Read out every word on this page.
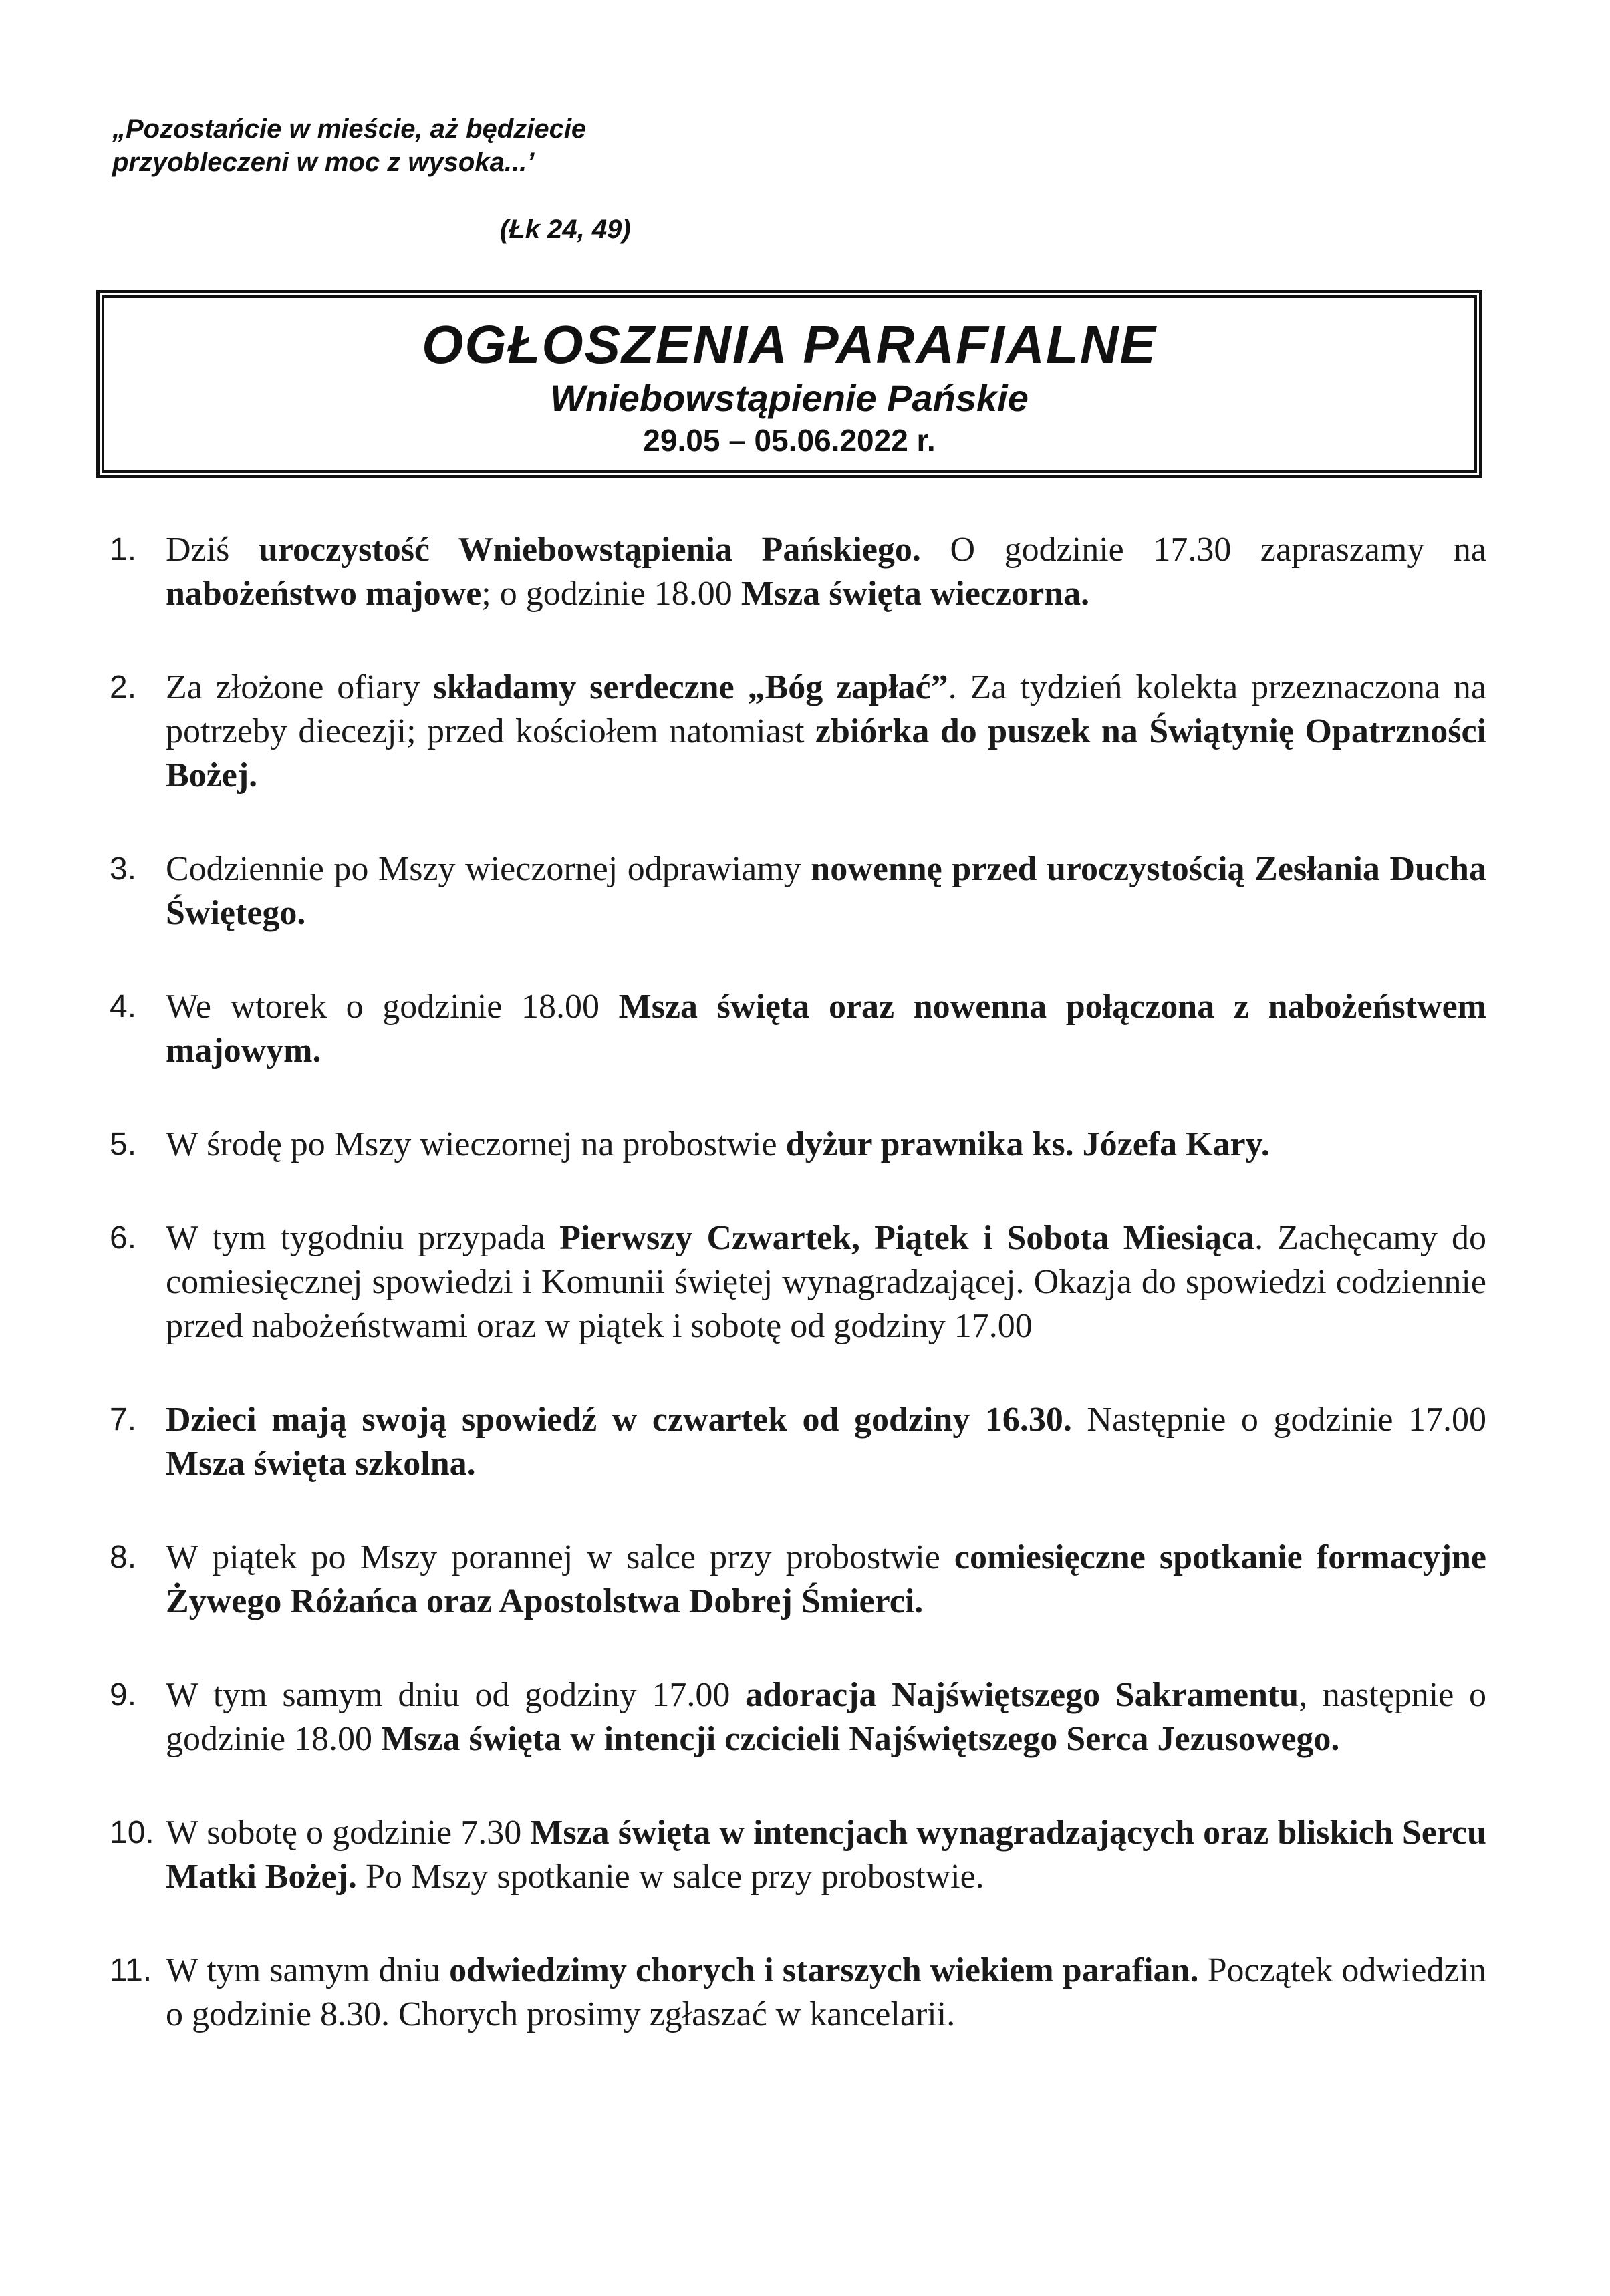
„Pozostańcie w mieście, aż będziecie
przyobleczeni w moc z wysoka...’
(Łk 24, 49)
OGŁOSZENIA PARAFIALNE
Wniebowstąpienie Pańskie
29.05 – 05.06.2022 r.
1. Dziś uroczystość Wniebowstąpienia Pańskiego. O godzinie 17.30 zapraszamy na nabożeństwo majowe; o godzinie 18.00 Msza święta wieczorna.
2. Za złożone ofiary składamy serdeczne „Bóg zapłać”. Za tydzień kolekta przeznaczona na potrzeby diecezji; przed kościołem natomiast zbiórka do puszek na Świątynię Opatrzności Bożej.
3. Codziennie po Mszy wieczornej odprawiamy nowennę przed uroczystością Zesłania Ducha Świętego.
4. We wtorek o godzinie 18.00 Msza święta oraz nowenna połączona z nabożeństwem majowym.
5. W środę po Mszy wieczornej na probostwie dyżur prawnika ks. Józefa Kary.
6. W tym tygodniu przypada Pierwszy Czwartek, Piątek i Sobota Miesiąca. Zachęcamy do comiesięcznej spowiedzi i Komunii świętej wynagradzającej. Okazja do spowiedzi codziennie przed nabożeństwami oraz w piątek i sobotę od godziny 17.00
7. Dzieci mają swoją spowiedź w czwartek od godziny 16.30. Następnie o godzinie 17.00 Msza święta szkolna.
8. W piątek po Mszy porannej w salce przy probostwie comiesięczne spotkanie formacyjne Żywego Różańca oraz Apostolstwa Dobrej Śmierci.
9. W tym samym dniu od godziny 17.00 adoracja Najświętszego Sakramentu, następnie o godzinie 18.00 Msza święta w intencji czcicieli Najświętszego Serca Jezusowego.
10. W sobotę o godzinie 7.30 Msza święta w intencjach wynagradzających oraz bliskich Sercu Matki Bożej. Po Mszy spotkanie w salce przy probostwie.
11. W tym samym dniu odwiedzimy chorych i starszych wiekiem parafian. Początek odwiedzin o godzinie 8.30. Chorych prosimy zgłaszać w kancelarii.
